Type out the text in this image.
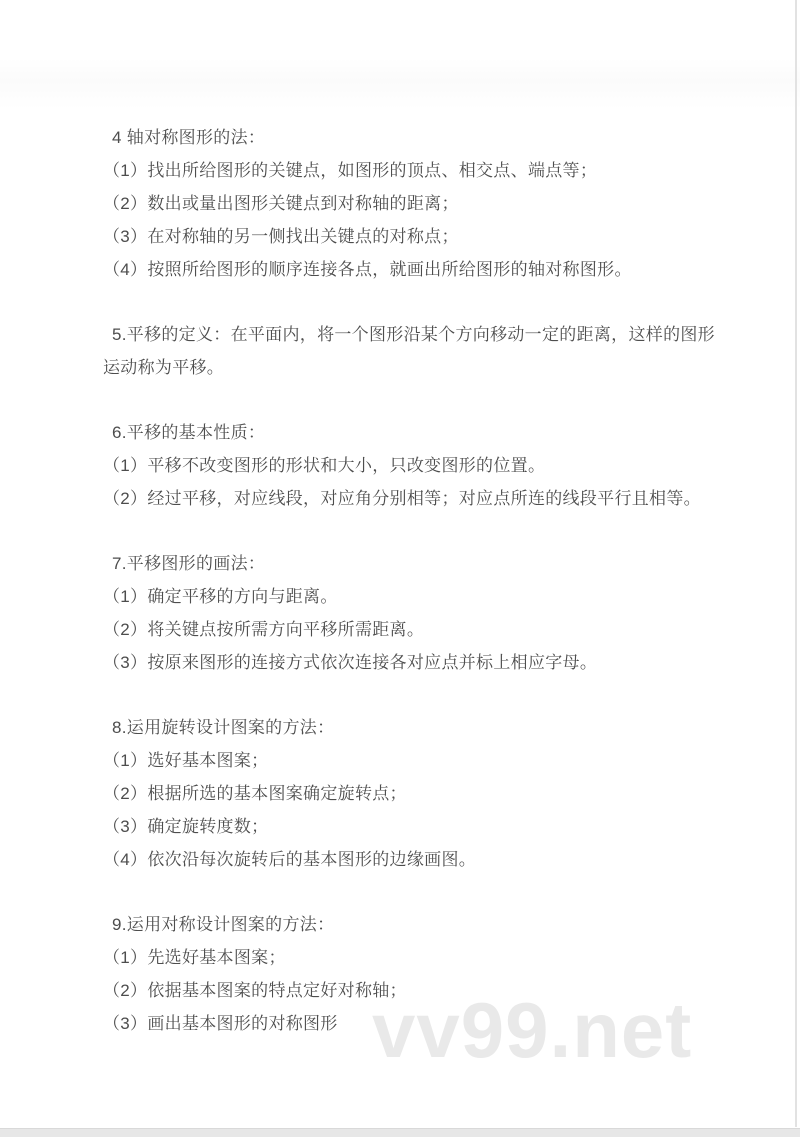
4 轴对称图形的法：
（1）找出所给图形的关键点，如图形的顶点、相交点、端点等；
（2）数出或量出图形关键点到对称轴的距离；
（3）在对称轴的另一侧找出关键点的对称点；
（4）按照所给图形的顺序连接各点，就画出所给图形的轴对称图形。
5.平移的定义：在平面内，将一个图形沿某个方向移动一定的距离，这样的图形
运动称为平移。
6.平移的基本性质：
（1）平移不改变图形的形状和大小，只改变图形的位置。
（2）经过平移，对应线段，对应角分别相等；对应点所连的线段平行且相等。
7.平移图形的画法：
（1）确定平移的方向与距离。
（2）将关键点按所需方向平移所需距离。
（3）按原来图形的连接方式依次连接各对应点并标上相应字母。
8.运用旋转设计图案的方法：
（1）选好基本图案；
（2）根据所选的基本图案确定旋转点；
（3）确定旋转度数；
（4）依次沿每次旋转后的基本图形的边缘画图。
9.运用对称设计图案的方法：
（1）先选好基本图案；
（2）依据基本图案的特点定好对称轴；
（3）画出基本图形的对称图形 vv99.net
